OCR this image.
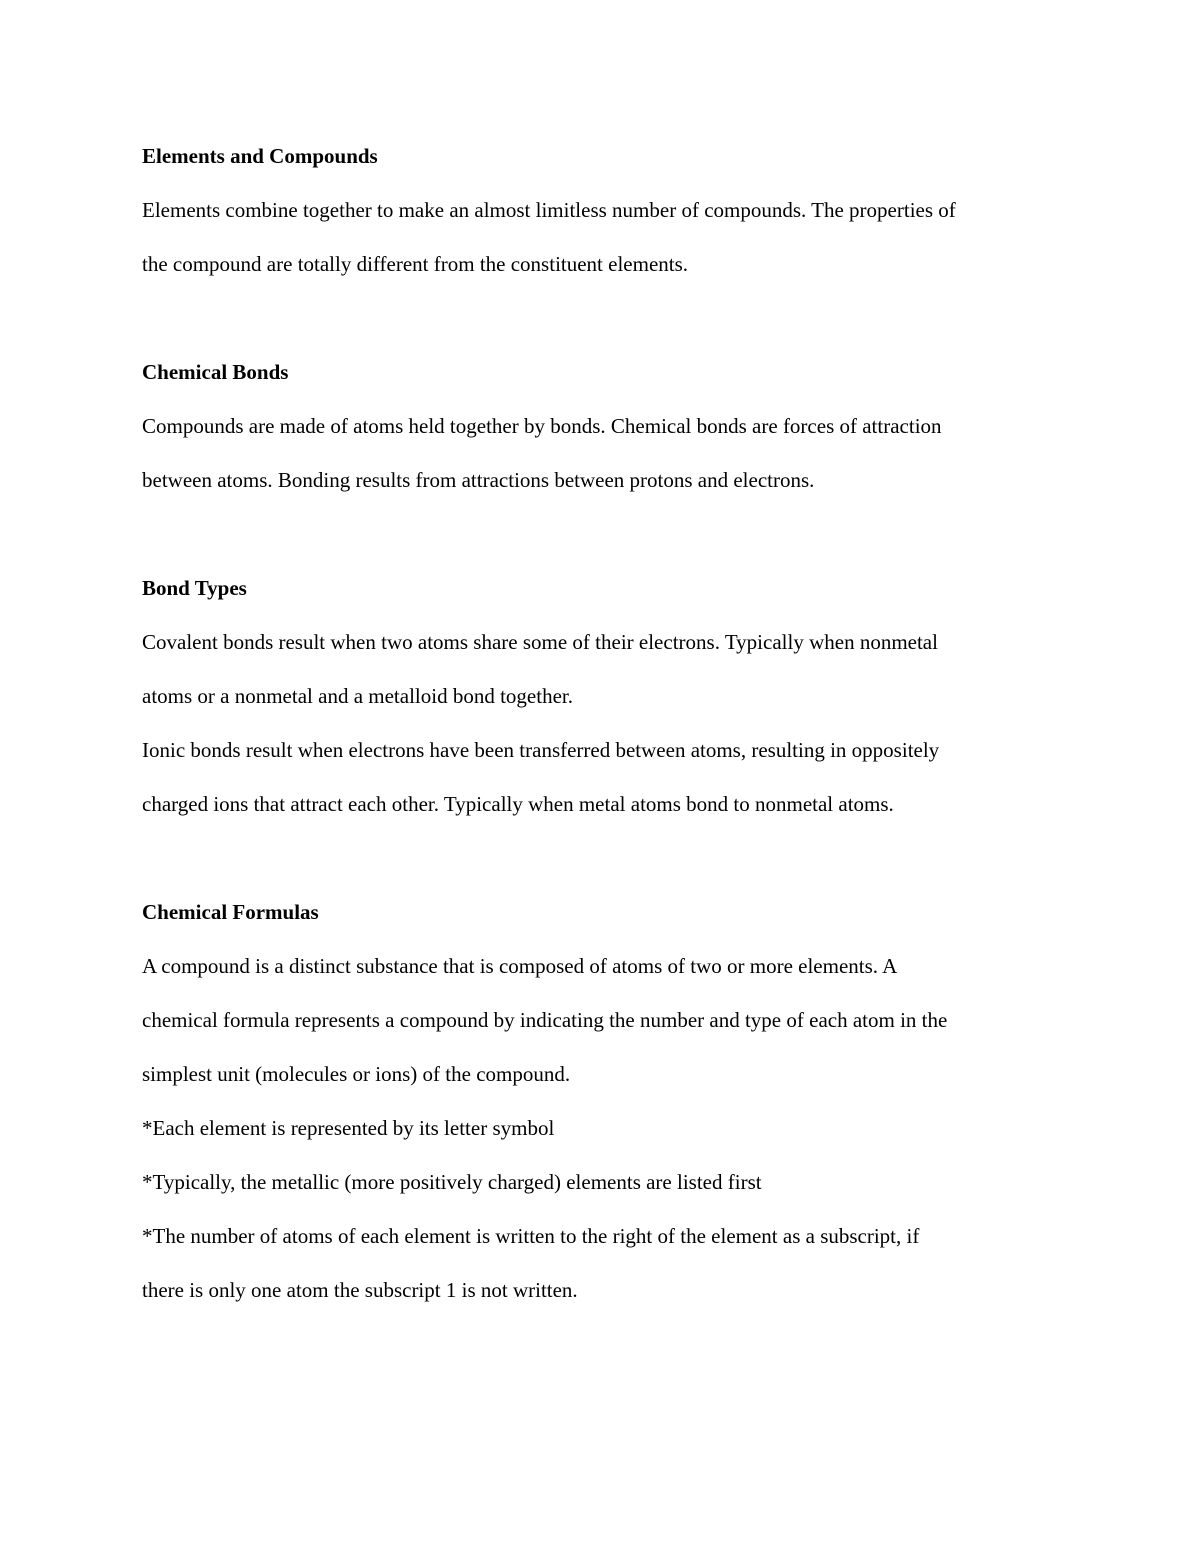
Elements and Compounds
Elements combine together to make an almost limitless number of compounds. The properties of
the compound are totally different from the constituent elements.
Chemical Bonds
Compounds are made of atoms held together by bonds. Chemical bonds are forces of attraction
between atoms. Bonding results from attractions between protons and electrons.
Bond Types
Covalent bonds result when two atoms share some of their electrons. Typically when nonmetal
atoms or a nonmetal and a metalloid bond together.
Ionic bonds result when electrons have been transferred between atoms, resulting in oppositely
charged ions that attract each other. Typically when metal atoms bond to nonmetal atoms.
Chemical Formulas
A compound is a distinct substance that is composed of atoms of two or more elements. A
chemical formula represents a compound by indicating the number and type of each atom in the
simplest unit (molecules or ions) of the compound.
*Each element is represented by its letter symbol
*Typically, the metallic (more positively charged) elements are listed first
*The number of atoms of each element is written to the right of the element as a subscript, if
there is only one atom the subscript 1 is not written.
